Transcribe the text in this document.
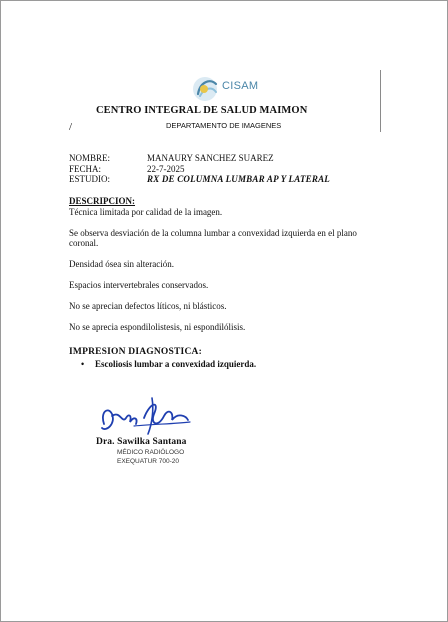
CISAM
CENTRO INTEGRAL DE SALUD MAIMON
/	DEPARTAMENTO DE IMAGENES
NOMBRE:	MANAURY SANCHEZ SUAREZ
FECHA:	22-7-2025
ESTUDIO:	RX DE COLUMNA LUMBAR AP Y LATERAL
DESCRIPCION:

Técnica limitada por calidad de la imagen.

Se observa desviación de la columna lumbar a convexidad izquierda en el plano coronal.

Densidad ósea sin alteración.

Espacios intervertebrales conservados.

No se aprecian defectos líticos, ni blásticos.

No se aprecia espondilolistesis, ni espondilólisis.

IMPRESION DIAGNOSTICA:
• Escoliosis lumbar a convexidad izquierda.
Dra. Sawilka Santana
MÉDICO RADIÓLOGO
EXEQUATUR 700-20
